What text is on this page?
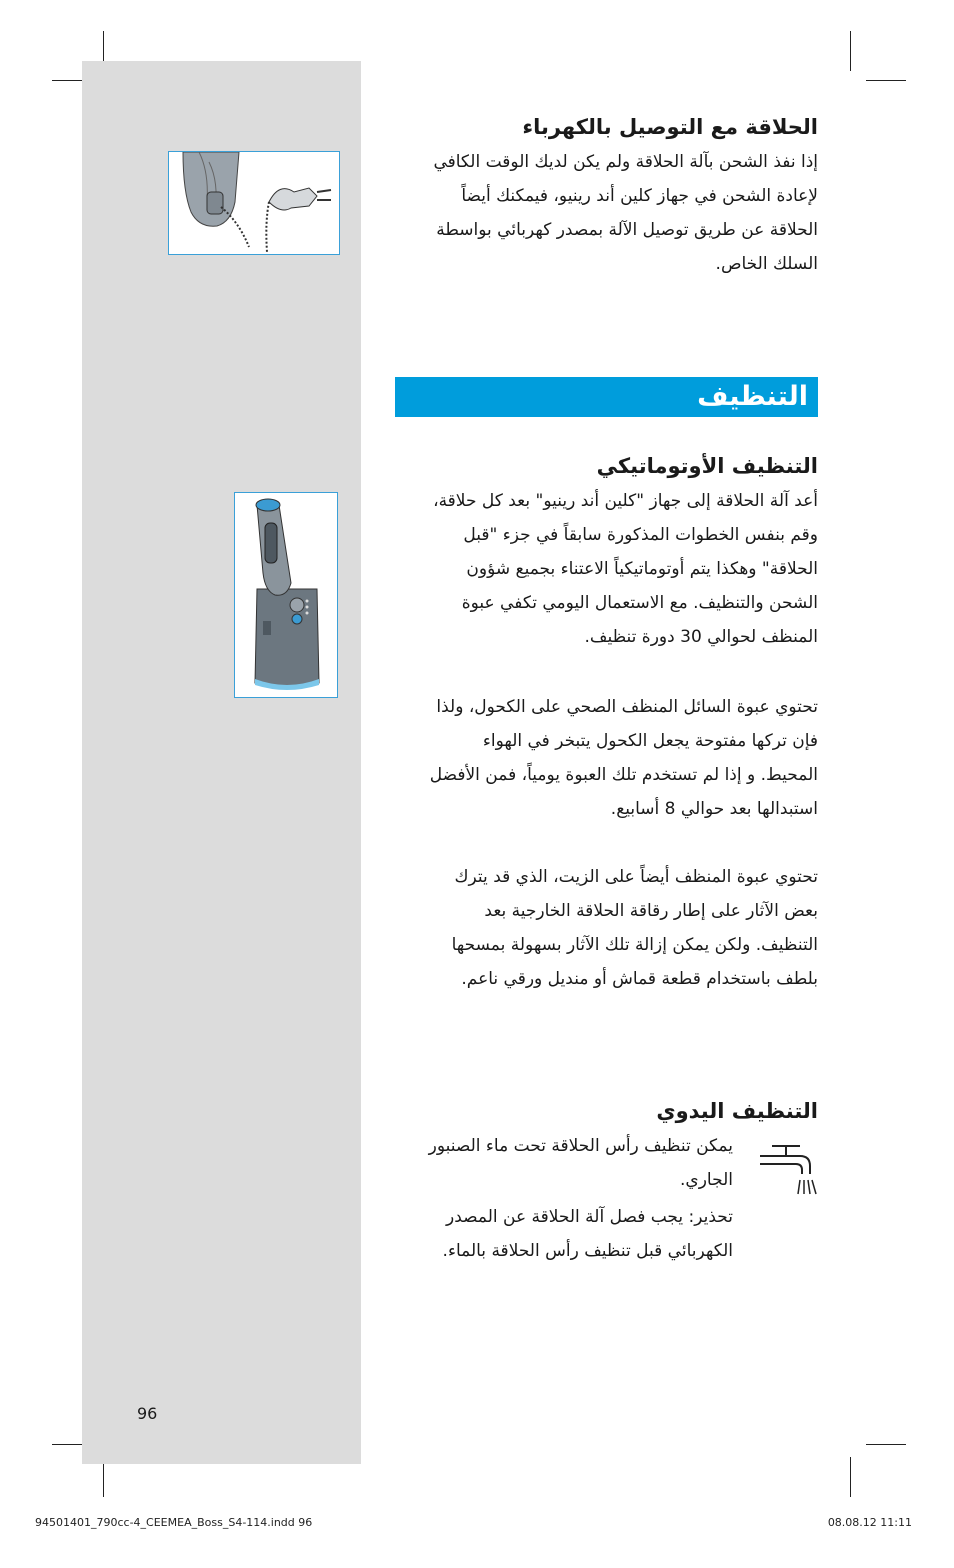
الحلاقة مع التوصيل بالكهرباء
إذا نفذ الشحن بآلة الحلاقة ولم يكن لديك الوقت الكافي
لإعادة الشحن في جهاز كلين أند رينيو، فيمكنك أيضاً
الحلاقة عن طريق توصيل الآلة بمصدر كهربائي بواسطة
السلك الخاص.
التنظيف
التنظيف الأوتوماتيكي
أعد آلة الحلاقة إلى جهاز "كلين أند رينيو" بعد كل حلاقة،
وقم بنفس الخطوات المذكورة سابقاً في جزء "قبل
الحلاقة" وهكذا يتم أوتوماتيكياً الاعتناء بجميع شؤون
الشحن والتنظيف. مع الاستعمال اليومي تكفي عبوة
المنظف لحوالي 30 دورة تنظيف.
تحتوي عبوة السائل المنظف الصحي على الكحول، ولذا
فإن تركها مفتوحة يجعل الكحول يتبخر في الهواء
المحيط. و إذا لم تستخدم تلك العبوة يومياً، فمن الأفضل
استبدالها بعد حوالي 8 أسابيع.
تحتوي عبوة المنظف أيضاً على الزيت، الذي قد يترك
بعض الآثار على إطار رقاقة الحلاقة الخارجية بعد
التنظيف. ولكن يمكن إزالة تلك الآثار بسهولة بمسحها
بلطف باستخدام قطعة قماش أو منديل ورقي ناعم.
التنظيف اليدوي
يمكن تنظيف رأس الحلاقة تحت ماء الصنبور
الجاري.
تحذير: يجب فصل آلة الحلاقة عن المصدر
الكهربائي قبل تنظيف رأس الحلاقة بالماء.
96
94501401_790cc-4_CEEMEA_Boss_S4-114.indd 96	08.08.12 11:11
